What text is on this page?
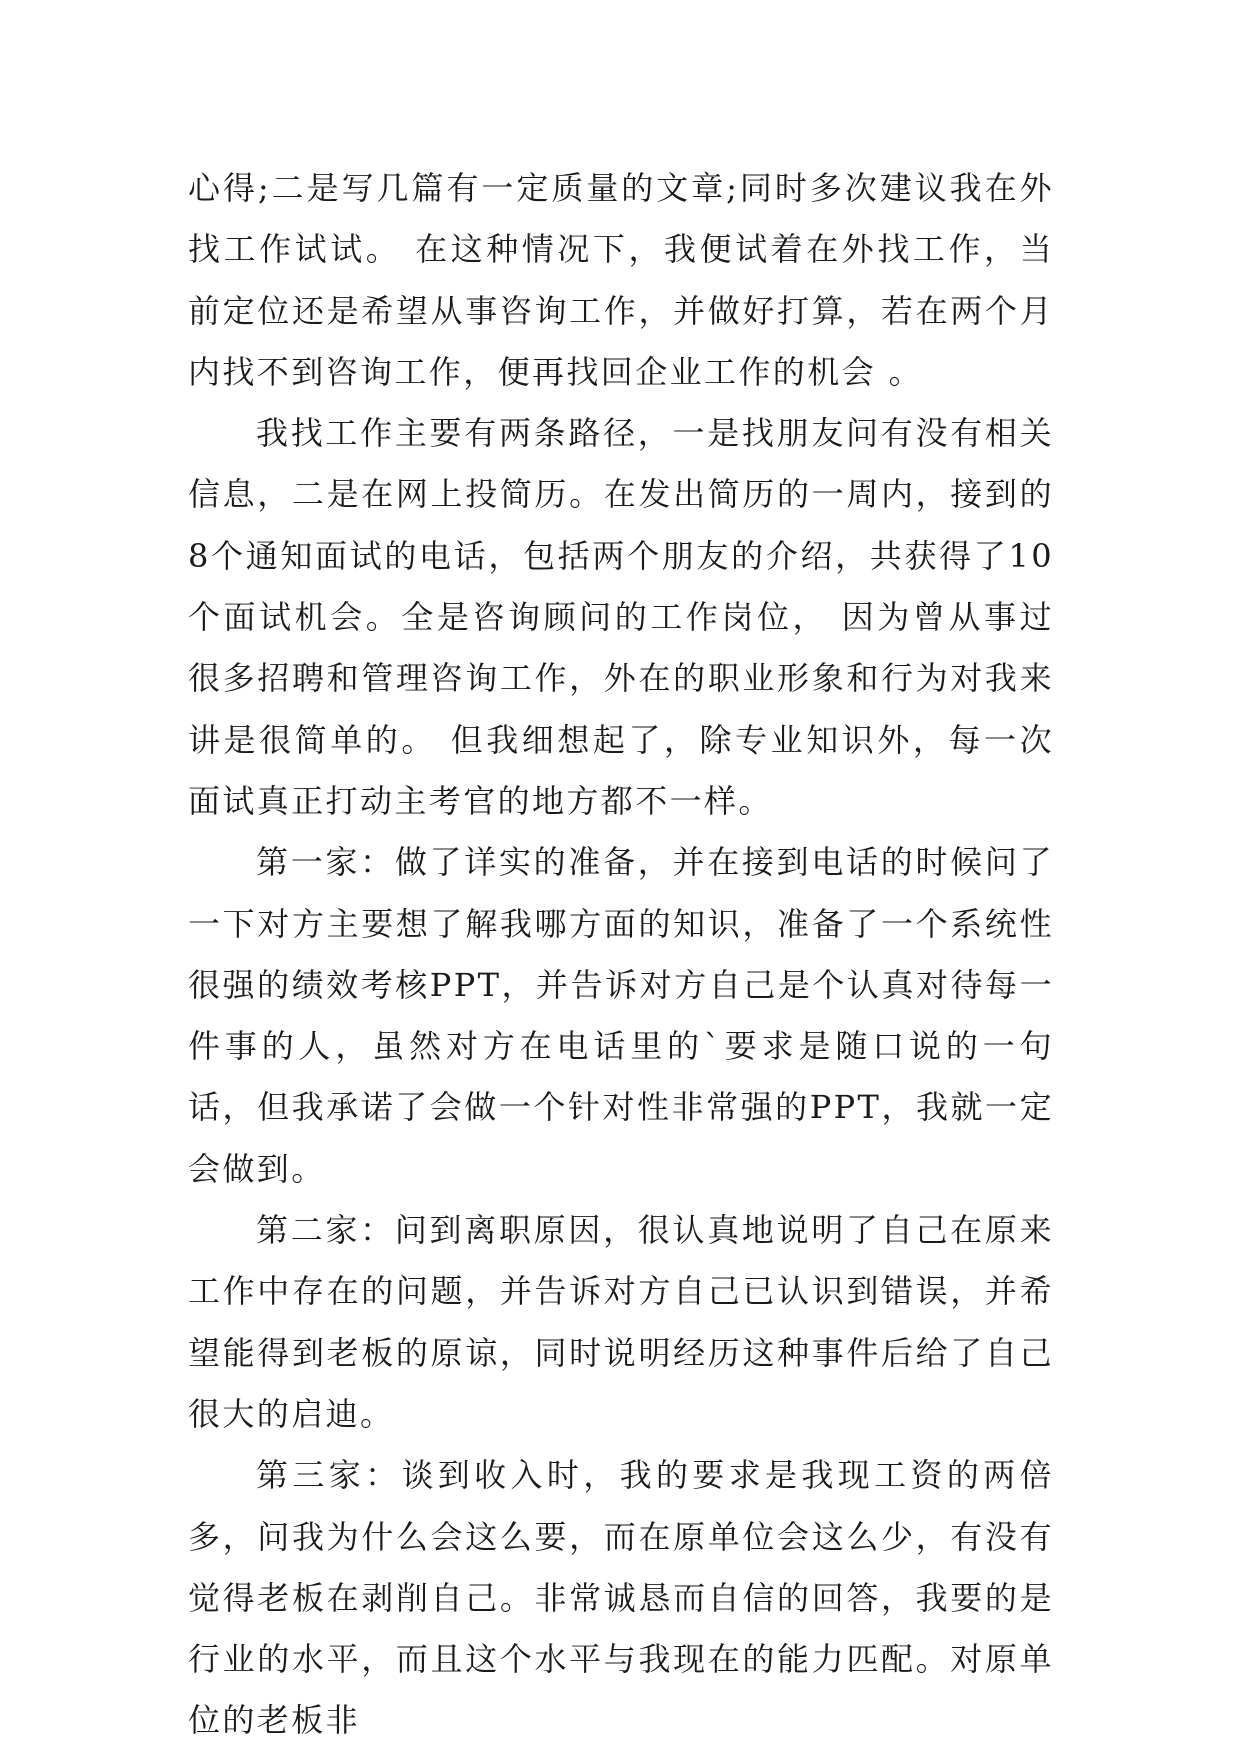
心得;二是写几篇有一定质量的文章;同时多次建议我在外找工作试试。 在这种情况下，我便试着在外找工作，当前定位还是希望从事咨询工作，并做好打算，若在两个月内找不到咨询工作，便再找回企业工作的机会 。

我找工作主要有两条路径，一是找朋友问有没有相关信息，二是在网上投简历。在发出简历的一周内，接到的8个通知面试的电话，包括两个朋友的介绍，共获得了10个面试机会。全是咨询顾问的工作岗位， 因为曾从事过很多招聘和管理咨询工作，外在的职业形象和行为对我来讲是很简单的。 但我细想起了，除专业知识外，每一次面试真正打动主考官的地方都不一样。

第一家：做了详实的准备，并在接到电话的时候问了一下对方主要想了解我哪方面的知识，准备了一个系统性很强的绩效考核PPT，并告诉对方自己是个认真对待每一件事的人，虽然对方在电话里的`要求是随口说的一句话，但我承诺了会做一个针对性非常强的PPT，我就一定会做到。

第二家：问到离职原因，很认真地说明了自己在原来工作中存在的问题，并告诉对方自己已认识到错误，并希望能得到老板的原谅，同时说明经历这种事件后给了自己很大的启迪。

第三家：谈到收入时，我的要求是我现工资的两倍多，问我为什么会这么要，而在原单位会这么少，有没有觉得老板在剥削自己。非常诚恳而自信的回答，我要的是行业的水平，而且这个水平与我现在的能力匹配。对原单位的老板非
